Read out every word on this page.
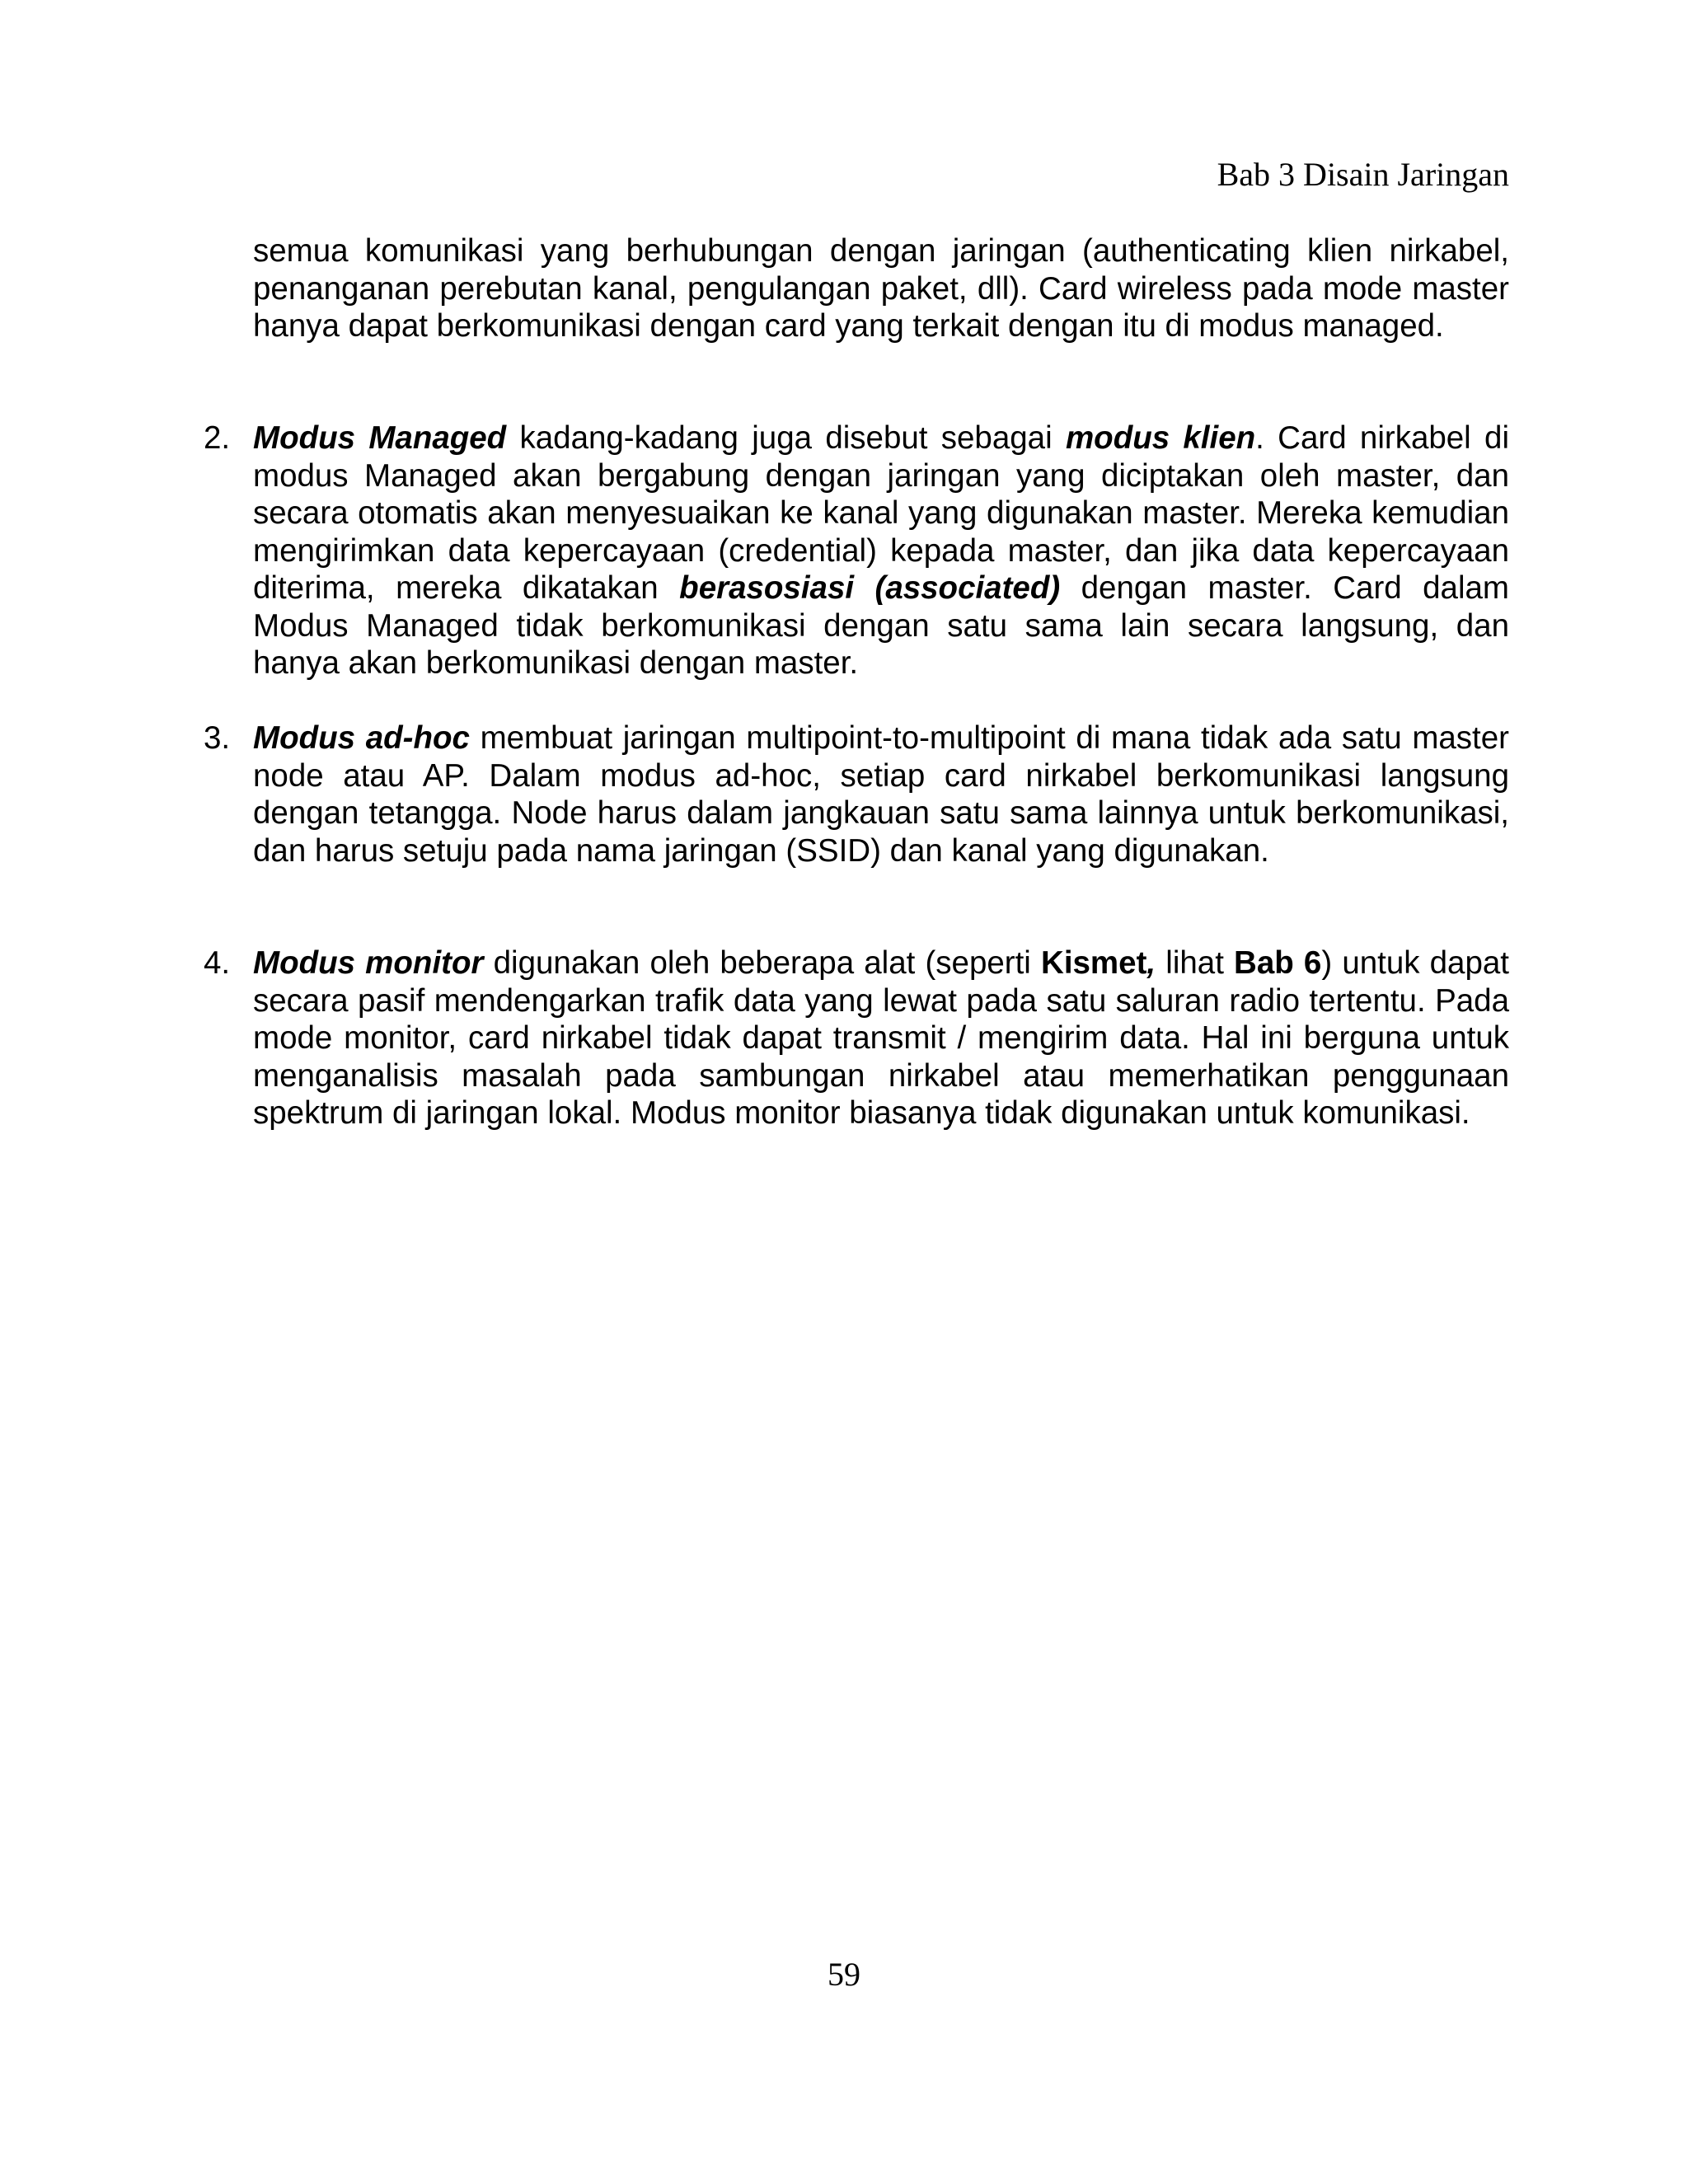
Bab 3 Disain Jaringan

semua komunikasi yang berhubungan dengan jaringan (authenticating klien nirkabel, penanganan perebutan kanal, pengulangan paket, dll). Card wireless pada mode master hanya dapat berkomunikasi dengan card yang terkait dengan itu di modus managed.

2. Modus Managed kadang-kadang juga disebut sebagai modus klien. Card nirkabel di modus Managed akan bergabung dengan jaringan yang diciptakan oleh master, dan secara otomatis akan menyesuaikan ke kanal yang digunakan master. Mereka kemudian mengirimkan data kepercayaan (credential) kepada master, dan jika data kepercayaan diterima, mereka dikatakan berasosiasi (associated) dengan master. Card dalam Modus Managed tidak berkomunikasi dengan satu sama lain secara langsung, dan hanya akan berkomunikasi dengan master.

3. Modus ad-hoc membuat jaringan multipoint-to-multipoint di mana tidak ada satu master node atau AP. Dalam modus ad-hoc, setiap card nirkabel berkomunikasi langsung dengan tetangga. Node harus dalam jangkauan satu sama lainnya untuk berkomunikasi, dan harus setuju pada nama jaringan (SSID) dan kanal yang digunakan.

4. Modus monitor digunakan oleh beberapa alat (seperti Kismet, lihat Bab 6) untuk dapat secara pasif mendengarkan trafik data yang lewat pada satu saluran radio tertentu. Pada mode monitor, card nirkabel tidak dapat transmit / mengirim data. Hal ini berguna untuk menganalisis masalah pada sambungan nirkabel atau memerhatikan penggunaan spektrum di jaringan lokal. Modus monitor biasanya tidak digunakan untuk komunikasi.

59
